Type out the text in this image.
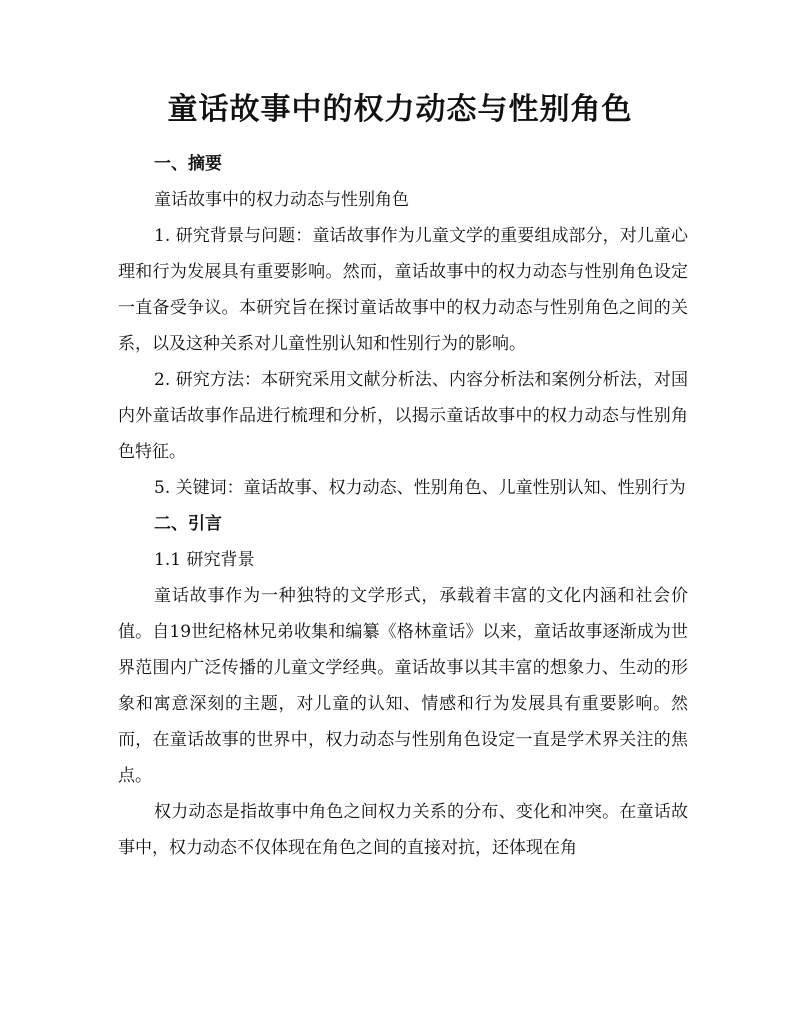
童话故事中的权力动态与性别角色

一、摘要

童话故事中的权力动态与性别角色

1. 研究背景与问题：童话故事作为儿童文学的重要组成部分，对儿童心理和行为发展具有重要影响。然而，童话故事中的权力动态与性别角色设定一直备受争议。本研究旨在探讨童话故事中的权力动态与性别角色之间的关系，以及这种关系对儿童性别认知和性别行为的影响。

2. 研究方法：本研究采用文献分析法、内容分析法和案例分析法，对国内外童话故事作品进行梳理和分析，以揭示童话故事中的权力动态与性别角色特征。

5. 关键词：童话故事、权力动态、性别角色、儿童性别认知、性别行为

二、引言

1.1 研究背景

童话故事作为一种独特的文学形式，承载着丰富的文化内涵和社会价值。自19世纪格林兄弟收集和编纂《格林童话》以来，童话故事逐渐成为世界范围内广泛传播的儿童文学经典。童话故事以其丰富的想象力、生动的形象和寓意深刻的主题，对儿童的认知、情感和行为发展具有重要影响。然而，在童话故事的世界中，权力动态与性别角色设定一直是学术界关注的焦点。

权力动态是指故事中角色之间权力关系的分布、变化和冲突。在童话故事中，权力动态不仅体现在角色之间的直接对抗，还体现在角
